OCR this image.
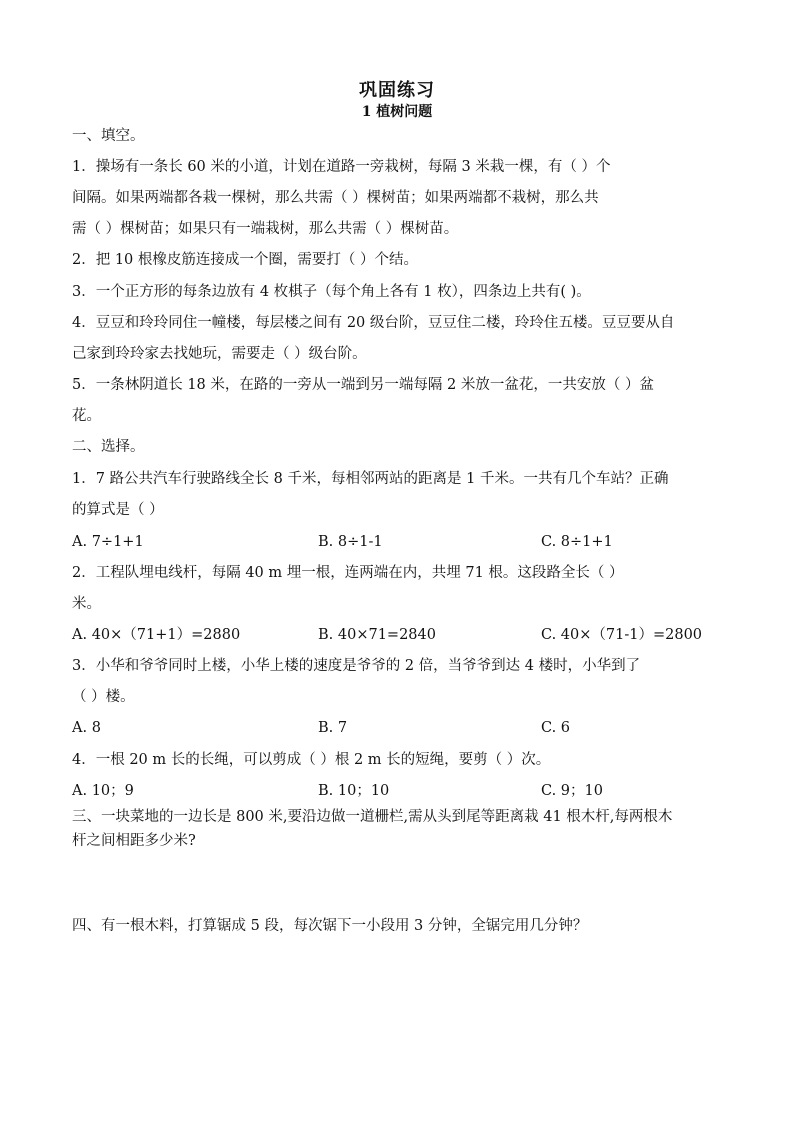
巩固练习
1 植树问题
一、填空。
1．操场有一条长 60 米的小道，计划在道路一旁栽树，每隔 3 米栽一棵，有（ ）个
间隔。如果两端都各栽一棵树，那么共需（ ）棵树苗；如果两端都不栽树，那么共
需（ ）棵树苗；如果只有一端栽树，那么共需（ ）棵树苗。
2．把 10 根橡皮筋连接成一个圈，需要打（ ）个结。
3．一个正方形的每条边放有 4 枚棋子（每个角上各有 1 枚），四条边上共有( )。
4．豆豆和玲玲同住一幢楼，每层楼之间有 20 级台阶，豆豆住二楼，玲玲住五楼。豆豆要从自
己家到玲玲家去找她玩，需要走（ ）级台阶。
5．一条林阴道长 18 米，在路的一旁从一端到另一端每隔 2 米放一盆花，一共安放（ ）盆
花。
二、选择。
1．7 路公共汽车行驶路线全长 8 千米，每相邻两站的距离是 1 千米。一共有几个车站？正确
的算式是（ ）
A. 7÷1+1	B. 8÷1-1	C. 8÷1+1
2．工程队埋电线杆，每隔 40 m 埋一根，连两端在内，共埋 71 根。这段路全长（ ）
米。
A. 40×（71+1）=2880	B. 40×71=2840	C. 40×（71-1）=2800
3．小华和爷爷同时上楼，小华上楼的速度是爷爷的 2 倍，当爷爷到达 4 楼时，小华到了
（ ）楼。
A. 8	B. 7	C. 6
4．一根 20 m 长的长绳，可以剪成（ ）根 2 m 长的短绳，要剪（ ）次。
A. 10；9	B. 10；10	C. 9；10
三、一块菜地的一边长是 800 米,要沿边做一道栅栏,需从头到尾等距离栽 41 根木杆,每两根木
杆之间相距多少米?
四、有一根木料，打算锯成 5 段，每次锯下一小段用 3 分钟，全锯完用几分钟？
